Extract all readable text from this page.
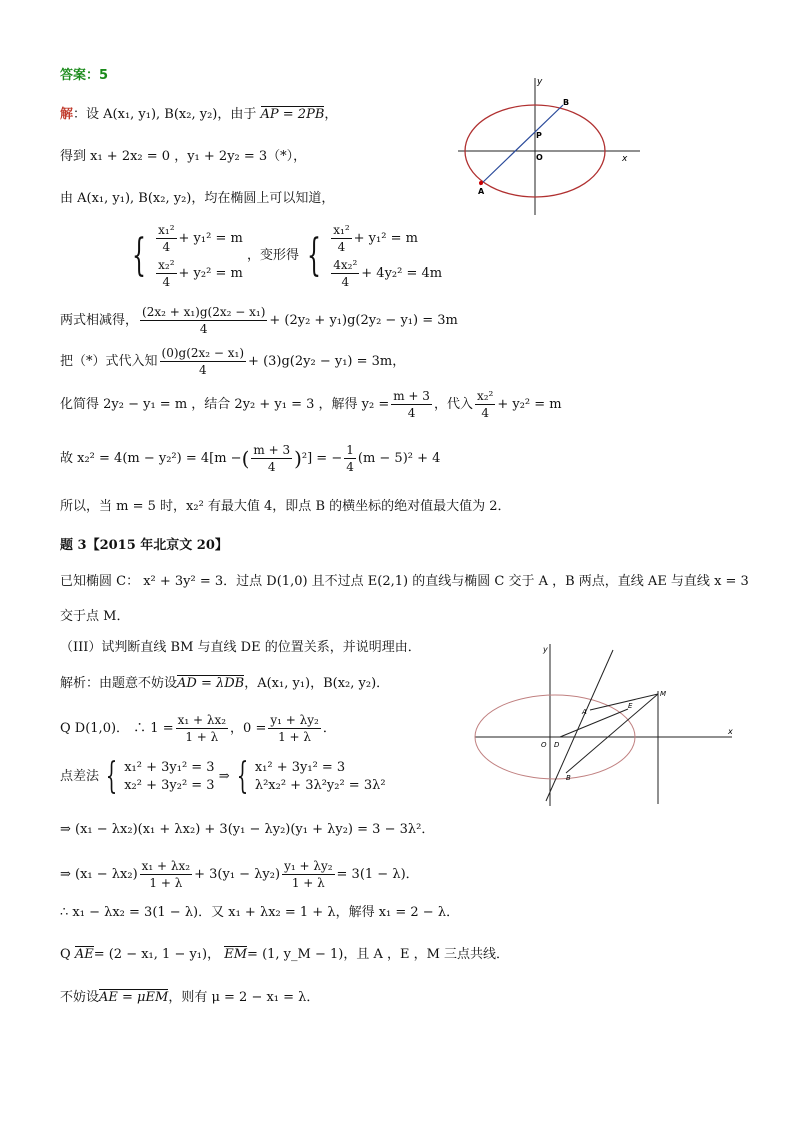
答案：5
解：设 A(x₁, y₁), B(x₂, y₂)，由于 AP = 2PB，
得到 x₁ + 2x₂ = 0 ，y₁ + 2y₂ = 3（*），
由 A(x₁, y₁), B(x₂, y₂)，均在椭圆上可以知道，
{ $\frac{\text{x₁²}}{4} + y_1^2 = m$
$\frac{\text{x₂²}}{4} + y_2^2 = m$
，变形得 { $\frac{\text{x₁²}}{4} + y_1^2 = m$
$\frac{\text{4x₂²}}{4} + 4y_2^2 = 4m$
两式相减得， $\frac{\text{(2x₂ + x₁)g(2x₂ − x₁)}}{4} + (2y_2 + y_1)g(2y_2 - y_1) = 3m$
把（*）式代入知 $\frac{\text{(0)g(2x₂ − x₁)}}{4} + (3)g(2y_2 - y_1) = 3m$，
化简得 2y₂ − y₁ = m ，结合 2y₂ + y₁ = 3 ，解得 $y_2 = \frac{m + 3}{4}$ ，代入 $\frac{\text{x₂²}}{4} + y_2^2 = m$
故 x₂² = 4(m − y₂²) = 4[m −( $\frac{m + 3}{4} )^2$] = − $\frac{1}{4} (m - 5)^2 + 4$
所以，当 m = 5 时，x₂² 有最大值 4，即点 B 的横坐标的绝对值最大值为 2．
y
x
O
P
B
A
题 3【2015 年北京文 20】
已知椭圆 C： x² + 3y² = 3．过点 D(1,0) 且不过点 E(2,1) 的直线与椭圆 C 交于 A ，B 两点，直线 AE 与直线 x = 3
交于点 M．
（III）试判断直线 BM 与直线 DE 的位置关系，并说明理由．
解析：由题意不妨设AD = λDB，A(x₁, y₁)，B(x₂, y₂)．
Q D(1,0)． ∴ $1 = \frac{\text{x₁ + λx₂}}{1 + \lambda}$ ，$0 = \frac{\text{y₁ + λy₂}}{1 + \lambda}$ ．
点差法 { x₁² + 3y₁² = 3
x₂² + 3y₂² = 3
⇒ { x₁² + 3y₁² = 3
λ²x₂² + 3λ²y₂² = 3λ²
⇒ (x₁ − λx₂)(x₁ + λx₂) + 3(y₁ − λy₂)(y₁ + λy₂) = 3 − 3λ²．
⇒ $(x_1 - \lambda x_2) \frac{\text{x₁ + λx₂}}{1 + \lambda} + 3(y_1 - \lambda y_2) \frac{\text{y₁ + λy₂}}{1 + \lambda} = 3(1 - \lambda)$．
∴ x₁ − λx₂ = 3(1 − λ)．又 x₁ + λx₂ = 1 + λ，解得 x₁ = 2 − λ．
Q AE= (2 − x₁, 1 − y₁)， EM= (1, y_M − 1)，且 A ，E ，M 三点共线．
不妨设AE = μEM，则有 μ = 2 − x₁ = λ．
y
x
O D
A
E
M
B
